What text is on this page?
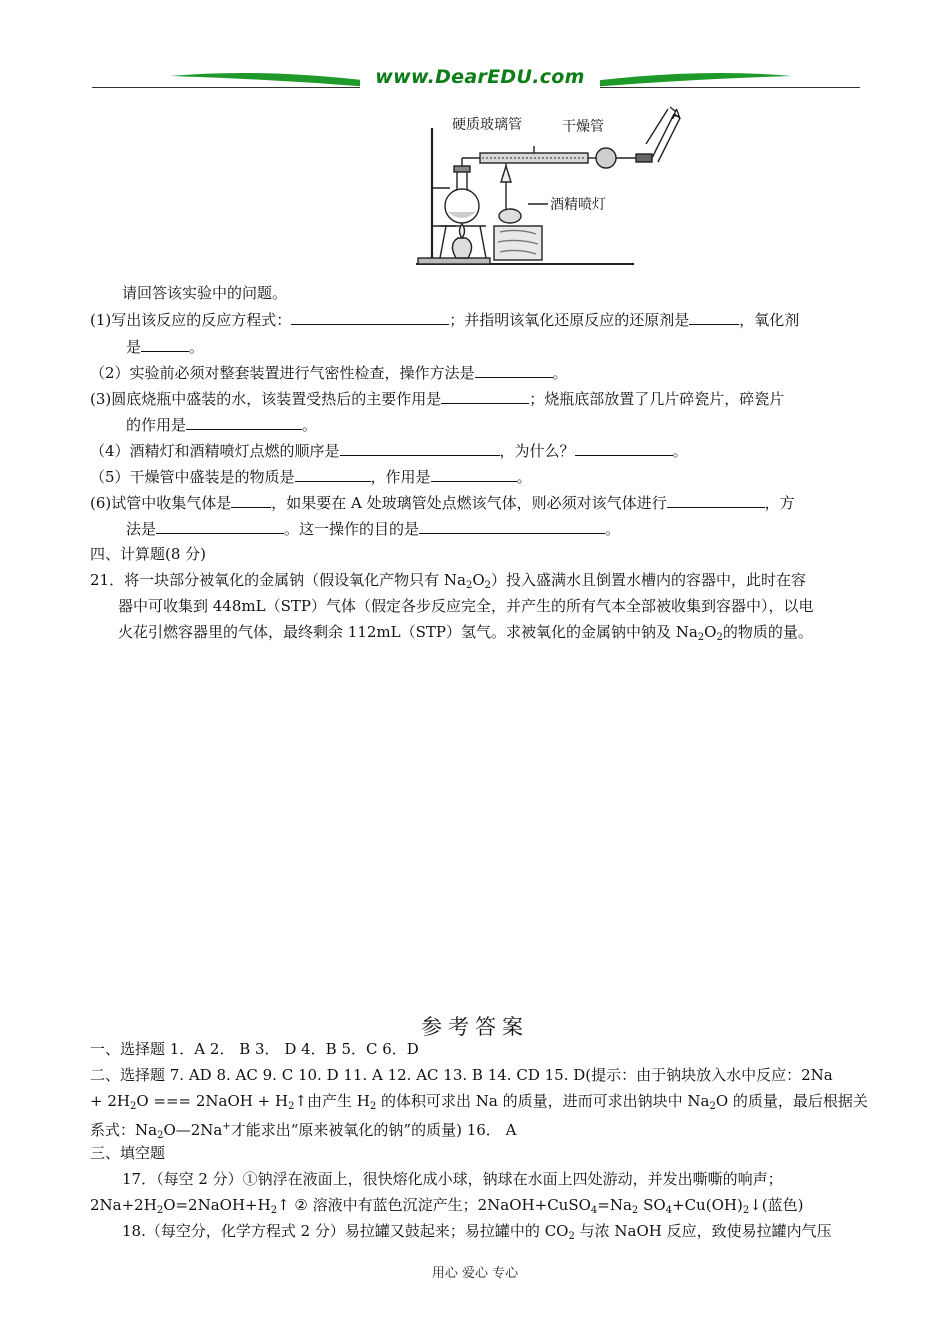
www.DearEDU.com
硬质玻璃管	干燥管
A
酒精喷灯
请回答该实验中的问题。
(1)写出该反应的反应方程式：	；并指明该氧化还原反应的还原剂是	，氧化剂
是	。
（2）实验前必须对整套装置进行气密性检查，操作方法是	。
(3)圆底烧瓶中盛装的水，该装置受热后的主要作用是	；烧瓶底部放置了几片碎瓷片，碎瓷片
的作用是	。
（4）酒精灯和酒精喷灯点燃的顺序是	，为什么？	。
（5）干燥管中盛装是的物质是	，作用是	。
(6)试管中收集气体是	，如果要在 A 处玻璃管处点燃该气体，则必须对该气体进行	，方
法是	。这一操作的目的是	。
四、计算题(8 分)
21．将一块部分被氧化的金属钠（假设氧化产物只有 $Na_2O_2$）投入盛满水且倒置水槽内的容器中，此时在容
器中可收集到 448mL（STP）气体（假定各步反应完全，并产生的所有气本全部被收集到容器中），以电
火花引燃容器里的气体，最终剩余 112mL（STP）氢气。求被氧化的金属钠中钠及 $Na_2O_2$的物质的量。
参考答案
一、选择题 1．A 2． B 3． D 4．B 5．C 6．D
二、选择题 7. AD 8. AC 9. C 10. D 11. A 12. AC 13. B 14. CD 15. D(提示：由于钠块放入水中反应：2Na
+ $2H_2O$ === 2NaOH + $H_2↑$由产生 $H_2$ 的体积可求出 Na 的质量，进而可求出钠块中 $Na_2O$ 的质量，最后根据关
系式：$Na_2O—2Na^+$才能求出“原来被氧化的钠”的质量) 16． A
三、填空题
17．（每空 2 分）①钠浮在液面上，很快熔化成小球，钠球在水面上四处游动，并发出嘶嘶的响声；
$2Na+2H_2O=2NaOH+H_2↑$ ② 溶液中有蓝色沉淀产生；$2NaOH+CuSO_4=Na_2$ $SO_4+Cu(OH)_2↓$(蓝色)
18.（每空分，化学方程式 2 分）易拉罐又鼓起来；易拉罐中的 $CO_2$ 与浓 NaOH 反应，致使易拉罐内气压
用心 爱心 专心
